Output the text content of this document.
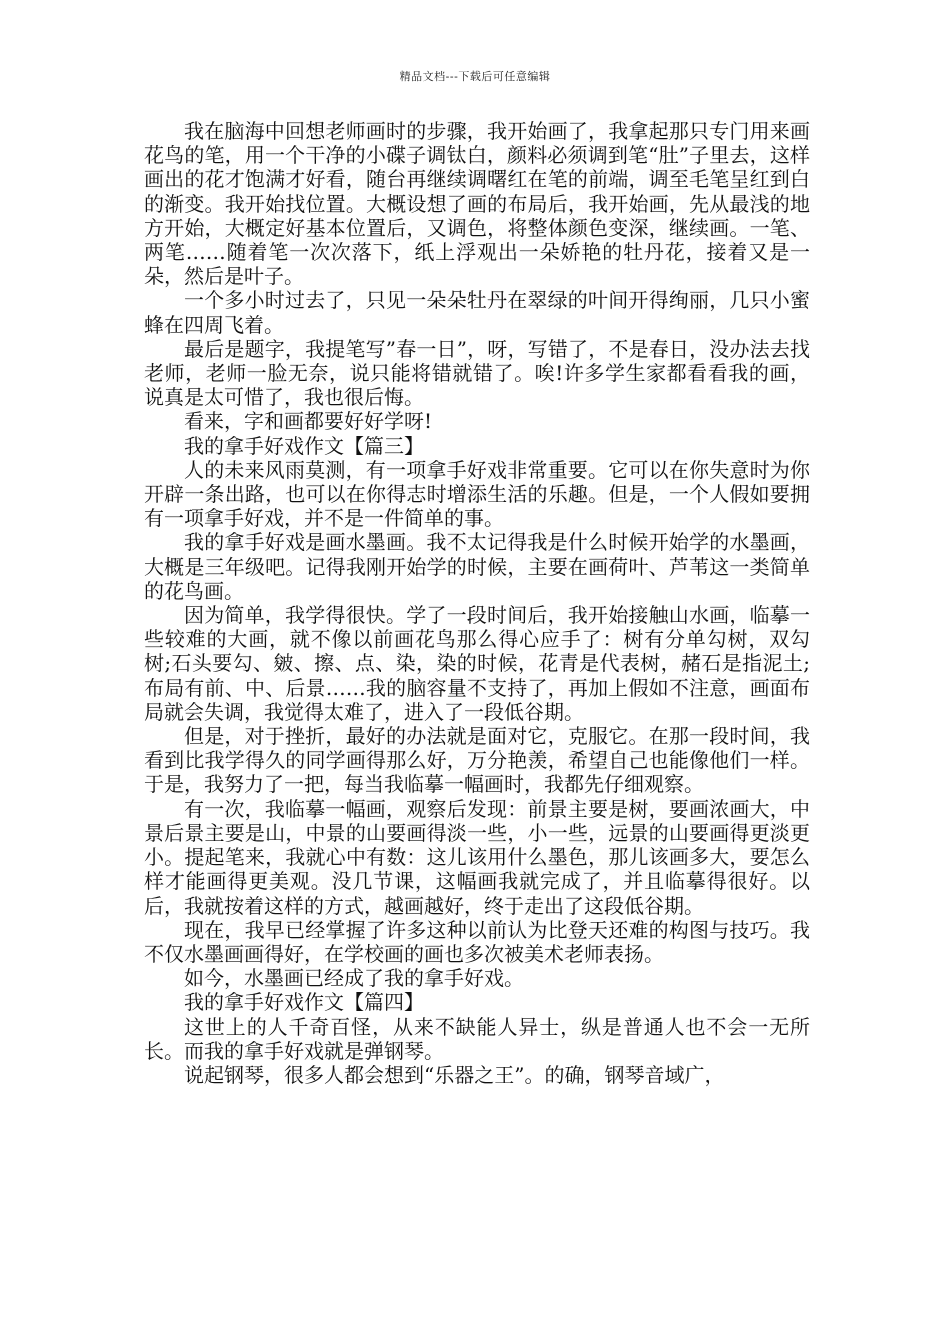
精品文档---下载后可任意编辑

我在脑海中回想老师画时的步骤，我开始画了，我拿起那只专门用来画花鸟的笔，用一个干净的小碟子调钛白，颜料必须调到笔“肚”子里去，这样画出的花才饱满才好看，随台再继续调曙红在笔的前端，调至毛笔呈红到白的渐变。我开始找位置。大概设想了画的布局后，我开始画，先从最浅的地方开始，大概定好基本位置后，又调色，将整体颜色变深，继续画。一笔、两笔……随着笔一次次落下，纸上浮观出一朵娇艳的牡丹花，接着又是一朵，然后是叶子。

一个多小时过去了，只见一朵朵牡丹在翠绿的叶间开得绚丽，几只小蜜蜂在四周飞着。

最后是题字，我提笔写”春一日”，呀，写错了，不是春日，没办法去找老师，老师一脸无奈，说只能将错就错了。唉!许多学生家都看看我的画，说真是太可惜了，我也很后悔。

看来，字和画都要好好学呀!

我的拿手好戏作文【篇三】

人的未来风雨莫测，有一项拿手好戏非常重要。它可以在你失意时为你开辟一条出路，也可以在你得志时增添生活的乐趣。但是，一个人假如要拥有一项拿手好戏，并不是一件简单的事。

我的拿手好戏是画水墨画。我不太记得我是什么时候开始学的水墨画，大概是三年级吧。记得我刚开始学的时候，主要在画荷叶、芦苇这一类简单的花鸟画。

因为简单，我学得很快。学了一段时间后，我开始接触山水画，临摹一些较难的大画，就不像以前画花鸟那么得心应手了：树有分单勾树，双勾树;石头要勾、皴、擦、点、染，染的时候，花青是代表树，赭石是指泥土;布局有前、中、后景……我的脑容量不支持了，再加上假如不注意，画面布局就会失调，我觉得太难了，进入了一段低谷期。

但是，对于挫折，最好的办法就是面对它，克服它。在那一段时间，我看到比我学得久的同学画得那么好，万分艳羡，希望自己也能像他们一样。于是，我努力了一把，每当我临摹一幅画时，我都先仔细观察。

有一次，我临摹一幅画，观察后发现：前景主要是树，要画浓画大，中景后景主要是山，中景的山要画得淡一些，小一些，远景的山要画得更淡更小。提起笔来，我就心中有数：这儿该用什么墨色，那儿该画多大，要怎么样才能画得更美观。没几节课，这幅画我就完成了，并且临摹得很好。以后，我就按着这样的方式，越画越好，终于走出了这段低谷期。

现在，我早已经掌握了许多这种以前认为比登天还难的构图与技巧。我不仅水墨画画得好，在学校画的画也多次被美术老师表扬。

如今，水墨画已经成了我的拿手好戏。

我的拿手好戏作文【篇四】

这世上的人千奇百怪，从来不缺能人异士，纵是普通人也不会一无所长。而我的拿手好戏就是弹钢琴。

说起钢琴，很多人都会想到“乐器之王”。的确，钢琴音域广，
